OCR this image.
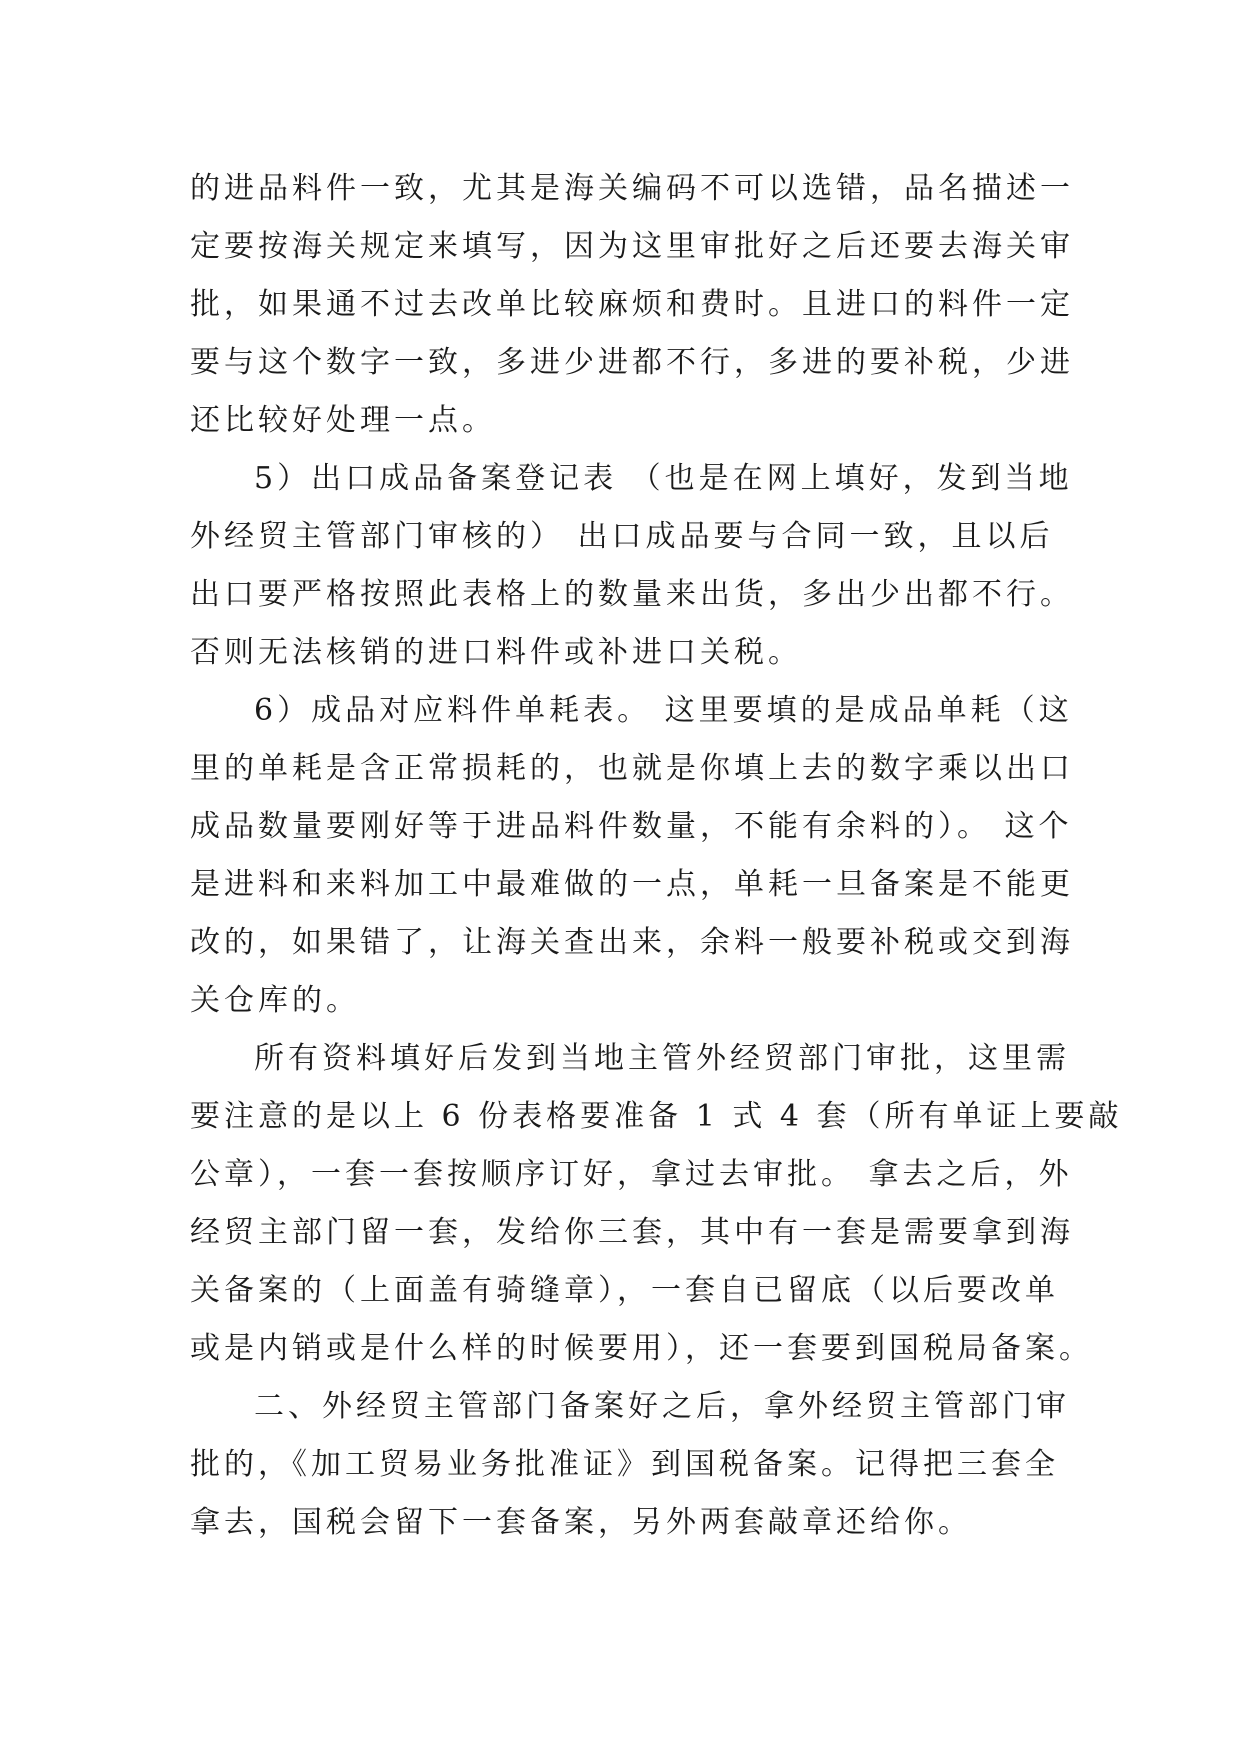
的进品料件一致，尤其是海关编码不可以选错，品名描述一
定要按海关规定来填写，因为这里审批好之后还要去海关审
批，如果通不过去改单比较麻烦和费时。且进口的料件一定
要与这个数字一致，多进少进都不行，多进的要补税，少进
还比较好处理一点。
5）出口成品备案登记表 （也是在网上填好，发到当地
外经贸主管部门审核的） 出口成品要与合同一致，且以后
出口要严格按照此表格上的数量来出货，多出少出都不行。
否则无法核销的进口料件或补进口关税。
6）成品对应料件单耗表。 这里要填的是成品单耗（这
里的单耗是含正常损耗的，也就是你填上去的数字乘以出口
成品数量要刚好等于进品料件数量，不能有余料的）。 这个
是进料和来料加工中最难做的一点，单耗一旦备案是不能更
改的，如果错了，让海关查出来，余料一般要补税或交到海
关仓库的。
所有资料填好后发到当地主管外经贸部门审批，这里需
要注意的是以上 6 份表格要准备 1 式 4 套（所有单证上要敲
公章），一套一套按顺序订好，拿过去审批。 拿去之后，外
经贸主部门留一套，发给你三套，其中有一套是需要拿到海
关备案的（上面盖有骑缝章），一套自已留底（以后要改单
或是内销或是什么样的时候要用），还一套要到国税局备案。
二、外经贸主管部门备案好之后，拿外经贸主管部门审
批的，《加工贸易业务批准证》到国税备案。记得把三套全
拿去，国税会留下一套备案，另外两套敲章还给你。
